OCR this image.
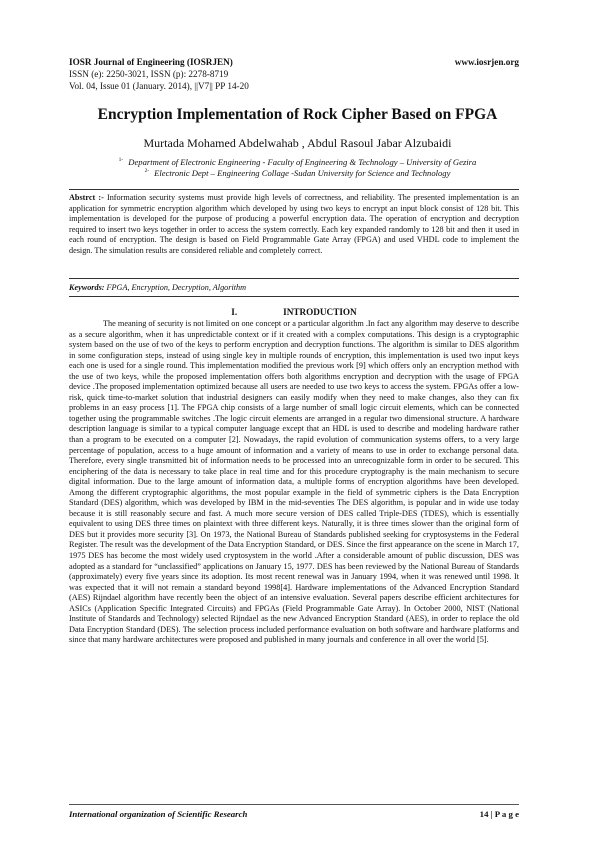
IOSR Journal of Engineering (IOSRJEN)	www.iosrjen.org
ISSN (e): 2250-3021, ISSN (p): 2278-8719
Vol. 04, Issue 01 (January. 2014), ||V7|| PP 14-20
Encryption Implementation of Rock Cipher Based on FPGA
Murtada Mohamed Abdelwahab , Abdul Rasoul Jabar Alzubaidi
$^{1-}$ Department of Electronic Engineering - Faculty of Engineering & Technology – University of Gezira
$^{2-}$ Electronic Dept – Engineering Collage -Sudan University for Science and Technology
Abstrct :- Information security systems must provide high levels of correctness, and reliability. The presented implementation is an application for symmetric encryption algorithm which developed by using two keys to encrypt an input block consist of 128 bit. This implementation is developed for the purpose of producing a powerful encryption data. The operation of encryption and decryption required to insert two keys together in order to access the system correctly. Each key expanded randomly to 128 bit and then it used in each round of encryption. The design is based on Field Programmable Gate Array (FPGA) and used VHDL code to implement the design. The simulation results are considered reliable and completely correct.
Keywords: FPGA, Encryption, Decryption, Algorithm
I.	INTRODUCTION

The meaning of security is not limited on one concept or a particular algorithm .In fact any algorithm may deserve to describe as a secure algorithm, when it has unpredictable context or if it created with a complex computations. This design is a cryptographic system based on the use of two of the keys to perform encryption and decryption functions. The algorithm is similar to DES algorithm in some configuration steps, instead of using single key in multiple rounds of encryption, this implementation is used two input keys each one is used for a single round. This implementation modified the previous work [9] which offers only an encryption method with the use of two keys, while the proposed implementation offers both algorithms encryption and decryption with the usage of FPGA device .The proposed implementation optimized because all users are needed to use two keys to access the system. FPGAs offer a low-risk, quick time-to-market solution that industrial designers can easily modify when they need to make changes, also they can fix problems in an easy process [1]. The FPGA chip consists of a large number of small logic circuit elements, which can be connected together using the programmable switches .The logic circuit elements are arranged in a regular two dimensional structure. A hardware description language is similar to a typical computer language except that an HDL is used to describe and modeling hardware rather than a program to be executed on a computer [2]. Nowadays, the rapid evolution of communication systems offers, to a very large percentage of population, access to a huge amount of information and a variety of means to use in order to exchange personal data. Therefore, every single transmitted bit of information needs to be processed into an unrecognizable form in order to be secured. This enciphering of the data is necessary to take place in real time and for this procedure cryptography is the main mechanism to secure digital information. Due to the large amount of information data, a multiple forms of encryption algorithms have been developed. Among the different cryptographic algorithms, the most popular example in the field of symmetric ciphers is the Data Encryption Standard (DES) algorithm, which was developed by IBM in the mid-seventies The DES algorithm, is popular and in wide use today because it is still reasonably secure and fast. A much more secure version of DES called Triple-DES (TDES), which is essentially equivalent to using DES three times on plaintext with three different keys. Naturally, it is three times slower than the original form of DES but it provides more security [3]. On 1973, the National Bureau of Standards published seeking for cryptosystems in the Federal Register. The result was the development of the Data Encryption Standard, or DES. Since the first appearance on the scene in March 17, 1975 DES has become the most widely used cryptosystem in the world .After a considerable amount of public discussion, DES was adopted as a standard for “unclassified” applications on January 15, 1977. DES has been reviewed by the National Bureau of Standards (approximately) every five years since its adoption. Its most recent renewal was in January 1994, when it was renewed until 1998. It was expected that it will not remain a standard beyond 1998[4]. Hardware implementations of the Advanced Encryption Standard (AES) Rijndael algorithm have recently been the object of an intensive evaluation. Several papers describe efficient architectures for ASICs (Application Specific Integrated Circuits) and FPGAs (Field Programmable Gate Array). In October 2000, NIST (National Institute of Standards and Technology) selected Rijndael as the new Advanced Encryption Standard (AES), in order to replace the old Data Encryption Standard (DES). The selection process included performance evaluation on both software and hardware platforms and since that many hardware architectures were proposed and published in many journals and conference in all over the world [5].

International organization of Scientific Research	14 | P a g e
